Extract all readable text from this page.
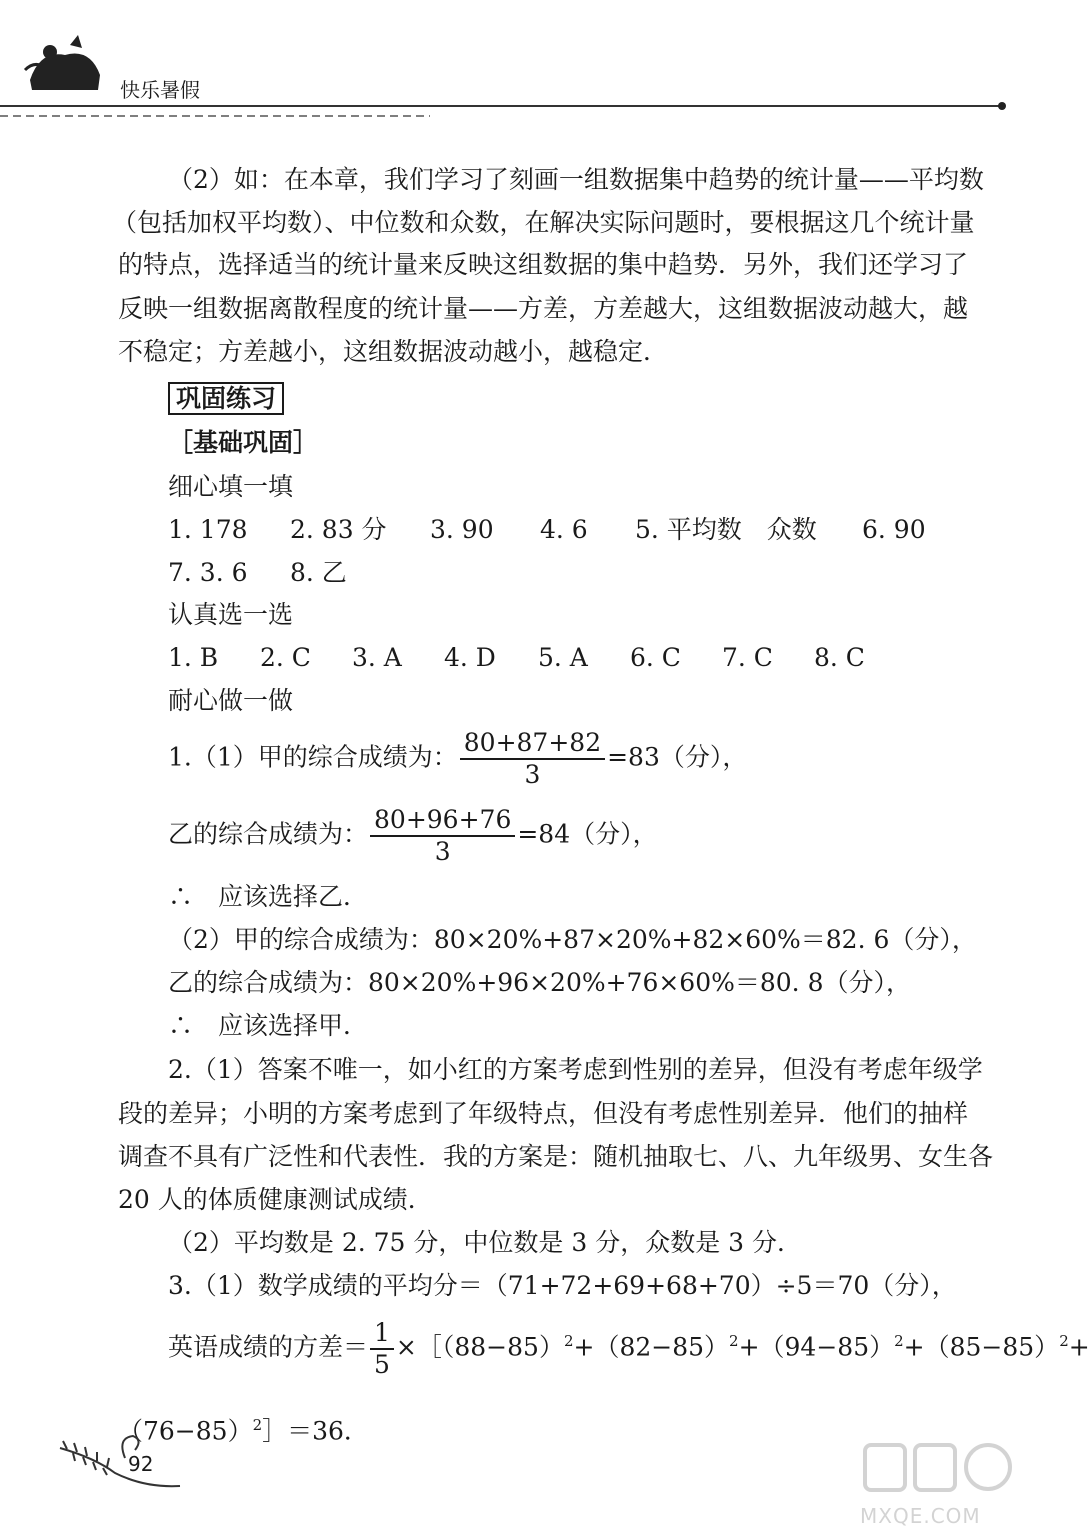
快乐暑假
（2）如：在本章，我们学习了刻画一组数据集中趋势的统计量——平均数
（包括加权平均数）、中位数和众数，在解决实际问题时，要根据这几个统计量
的特点，选择适当的统计量来反映这组数据的集中趋势．另外，我们还学习了
反映一组数据离散程度的统计量——方差，方差越大，这组数据波动越大，越
不稳定；方差越小，这组数据波动越小，越稳定．
巩固练习
［基础巩固］
细心填一填
1. 178 2. 83 分 3. 90 4. 6 5. 平均数　众数 6. 90
7. 3. 6 8. 乙
认真选一选
1. B 2. C 3. A 4. D 5. A 6. C 7. C 8. C
耐心做一做
1.（1）甲的综合成绩为： $\frac{80+87+82}{3} =83$（分），
乙的综合成绩为： $\frac{80+96+76}{3} =84$（分），
∴　应该选择乙．
（2）甲的综合成绩为：80×20%+87×20%+82×60%＝82. 6（分），
乙的综合成绩为：80×20%+96×20%+76×60%＝80. 8（分），
∴　应该选择甲．
2.（1）答案不唯一，如小红的方案考虑到性别的差异，但没有考虑年级学
段的差异；小明的方案考虑到了年级特点，但没有考虑性别差异．他们的抽样
调查不具有广泛性和代表性．我的方案是：随机抽取七、八、九年级男、女生各
20 人的体质健康测试成绩．
（2）平均数是 2. 75 分，中位数是 3 分，众数是 3 分．
3.（1）数学成绩的平均分＝（71+72+69+68+70）÷5＝70（分），
英语成绩的方差＝ $\frac{1}{5}$ $\times[(88-85)^2+(82-85)^2+(94-85)^2+(85-85)^2+$
$(76-85)^2]=36$．
92
MXQE.COM
